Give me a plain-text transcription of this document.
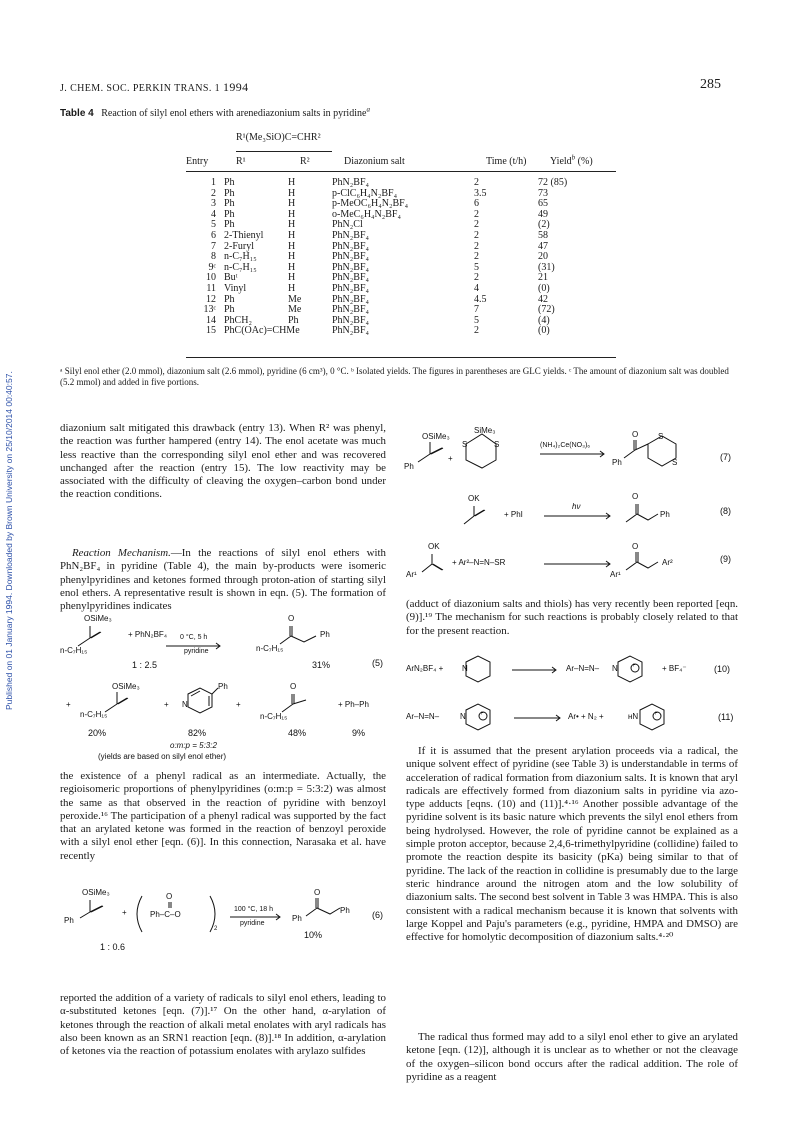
Published on 01 January 1994. Downloaded by Brown University on 25/10/2014 00:40:57.
J. CHEM. SOC. PERKIN TRANS. 1 1994	285
Table 4 Reaction of silyl enol ethers with arenediazonium salts in pyridine$^a$
R¹(Me₃SiO)C=CHR²
Entry	R¹	R²	Diazonium salt	Time (t/h) Yield$^b$ (%)
1	Ph	H	PhN₂BF₄	2	72 (85)
2	Ph	H	p-ClC₆H₄N₂BF₄	3.5	73
3	Ph	H	p-MeOC₆H₄N₂BF₄	6	65
4	Ph	H	o-MeC₆H₄N₂BF₄	2	49
5	Ph	H	PhN₂Cl	2	(2)
6	2-Thienyl	H	PhN₂BF₄	2	58
7	2-Furyl	H	PhN₂BF₄	2	47
8	n-C₇H₁₅	H	PhN₂BF₄	2	20
9ᶜ	n-C₇H₁₅	H	PhN₂BF₄	5	(31)
10	Buᵗ	H	PhN₂BF₄	2	21
11	Vinyl	H	PhN₂BF₄	4	(0)
12	Ph	Me	PhN₂BF₄	4.5	42
13ᶜ	Ph	Me	PhN₂BF₄	7	(72)
14	PhCH₂	Ph	PhN₂BF₄	5	(4)
15	PhC(OAc)=CHMe		PhN₂BF₄	2	(0)
ᵃ Silyl enol ether (2.0 mmol), diazonium salt (2.6 mmol), pyridine (6 cm³), 0 °C. ᵇ Isolated yields. The figures in parentheses are GLC yields. ᶜ The amount of diazonium salt was doubled (5.2 mmol) and added in five portions.

diazonium salt mitigated this drawback (entry 13). When R² was phenyl, the reaction was further hampered (entry 14). The enol acetate was much less reactive than the corresponding silyl enol ether and was recovered unchanged after the reaction (entry 15). The low reactivity may be associated with the difficulty of cleaving the oxygen–carbon bond under the reaction conditions.

Reaction Mechanism.—In the reactions of silyl enol ethers with PhN₂BF₄ in pyridine (Table 4), the main by-products were isomeric phenylpyridines and ketones formed through proton-ation of starting silyl enol ethers. A representative result is shown in eqn. (5). The formation of phenylpyridines indicates

OSiMe₃
n-C₇H₁₅
+ PhN₂BF₄ 0 °C, 5 h
pyridine	n-C₇H₁₅
O
Ph
1 : 2.5	31%	(5)
+
OSiMe₃
n-C₇H₁₅
+ N
Ph
+
O
n-C₇H₁₅
+ Ph–Ph
20%	82%	48%	9%
o:m:p = 5:3:2
(yields are based on silyl enol ether)

the existence of a phenyl radical as an intermediate. Actually, the regioisomeric proportions of phenylpyridines (o:m:p = 5:3:2) was almost the same as that observed in the reaction of pyridine with benzoyl peroxide.¹⁶ The participation of a phenyl radical was supported by the fact that an arylated ketone was formed in the reaction of benzoyl peroxide with a silyl enol ether [eqn. (6)]. In this connection, Narasaka et al. have recently

OSiMe₃
Ph
+
O
Ph–C–O
2
100 °C, 18 h
pyridine
O
Ph
Ph (6)
1 : 0.6
10%

reported the addition of a variety of radicals to silyl enol ethers, leading to α-substituted ketones [eqn. (7)].¹⁷ On the other hand, α-arylation of ketones through the reaction of alkali metal enolates with aryl radicals has also been known as an SRN1 reaction [eqn. (8)].¹⁸ In addition, α-arylation of ketones via the reaction of potassium enolates with arylazo sulfides

SiMe₃
OSiMe₃
Ph
+
S	S	(NH₄)₂Ce(NO₃)₆
O
Ph
S
S
(7)
OK
+ PhI
hν
O
Ph	(8)
OK
Ar¹
+ Ar²–N=N–SR
O
Ar¹
Ar²	(9)

(adduct of diazonium salts and thiols) has very recently been reported [eqn. (9)].¹⁹ The mechanism for such reactions is probably closely related to that for the present reaction.

ArN₂BF₄ + N	Ar–N=N– N +	+ BF₄⁻	(10)
Ar–N=N–	N +	Ar• + N₂ +	ʜN	+	(11)

If it is assumed that the present arylation proceeds via a radical, the unique solvent effect of pyridine (see Table 3) is understandable in terms of acceleration of radical formation from diazonium salts. It is known that aryl radicals are effectively formed from diazonium salts in pyridine via azo-type adducts [eqns. (10) and (11)].⁴·¹⁶ Another possible advantage of the pyridine solvent is its basic nature which prevents the silyl enol ethers from being hydrolysed. However, the role of pyridine cannot be explained as a simple proton acceptor, because 2,4,6-trimethylpyridine (collidine) failed to promote the reaction despite its basicity (pKa) being similar to that of pyridine. The lack of the reaction in collidine is presumably due to the large steric hindrance around the nitrogen atom and the low solubility of diazonium salts. The second best solvent in Table 3 was HMPA. This is also consistent with a radical mechanism because it is known that solvents with large Koppel and Paju's parameters (e.g., pyridine, HMPA and DMSO) are effective for homolytic decomposition of diazonium salts.⁴·²⁰

The radical thus formed may add to a silyl enol ether to give an arylated ketone [eqn. (12)], although it is unclear as to whether or not the cleavage of the oxygen–silicon bond occurs after the radical addition. The role of pyridine as a reagent
